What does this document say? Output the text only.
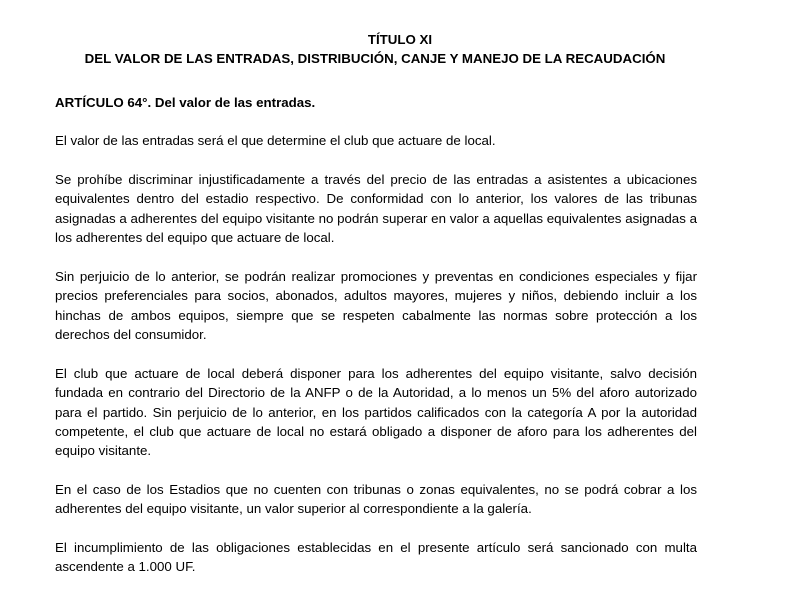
TÍTULO XI
DEL VALOR DE LAS ENTRADAS, DISTRIBUCIÓN, CANJE Y MANEJO DE LA RECAUDACIÓN
ARTÍCULO 64°. Del valor de las entradas.

El valor de las entradas será el que determine el club que actuare de local.

Se prohíbe discriminar injustificadamente a través del precio de las entradas a asistentes a ubicaciones equivalentes dentro del estadio respectivo. De conformidad con lo anterior, los valores de las tribunas asignadas a adherentes del equipo visitante no podrán superar en valor a aquellas equivalentes asignadas a los adherentes del equipo que actuare de local.

Sin perjuicio de lo anterior, se podrán realizar promociones y preventas en condiciones especiales y fijar precios preferenciales para socios, abonados, adultos mayores, mujeres y niños, debiendo incluir a los hinchas de ambos equipos, siempre que se respeten cabalmente las normas sobre protección a los derechos del consumidor.

El club que actuare de local deberá disponer para los adherentes del equipo visitante, salvo decisión fundada en contrario del Directorio de la ANFP o de la Autoridad, a lo menos un 5% del aforo autorizado para el partido. Sin perjuicio de lo anterior, en los partidos calificados con la categoría A por la autoridad competente, el club que actuare de local no estará obligado a disponer de aforo para los adherentes del equipo visitante.

En el caso de los Estadios que no cuenten con tribunas o zonas equivalentes, no se podrá cobrar a los adherentes del equipo visitante, un valor superior al correspondiente a la galería.

El incumplimiento de las obligaciones establecidas en el presente artículo será sancionado con multa ascendente a 1.000 UF.
